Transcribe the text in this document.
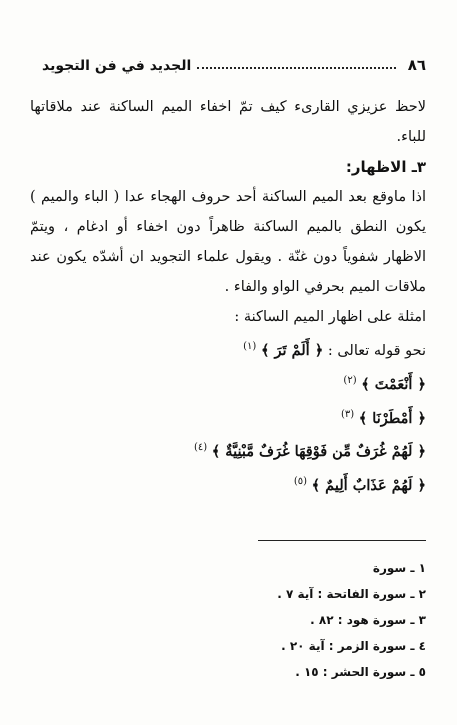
٨٦
الجديد في فن التجويد

لاحظ عزيزي القارىء كيف تمّ اخفاء الميم الساكنة عند ملاقاتها للباء.

٣ـ الاظهار:

اذا ماوقع بعد الميم الساكنة أحد حروف الهجاء عدا ( الباء والميم ) يكون النطق بالميم الساكنة ظاهراً دون اخفاء أو ادغام ، ويتمّ الاظهار شفوياً دون غنّة . ويقول علماء التجويد ان أشدّه يكون عند ملاقات الميم بحرفي الواو والفاء .

امثلة على اظهار الميم الساكنة :

نحو قوله تعالى : ﴿ أَلَمْ تَرَ ﴾ $^{(١)}$
﴿ أَنْعَمْتَ ﴾ $^{(٢)}$
﴿ أَمْطَرْنَا ﴾ $^{(٣)}$
﴿ لَهُمْ غُرَفٌ مِّن فَوْقِهَا غُرَفٌ مَّبْنِيَّةٌ ﴾ $^{(٤)}$
﴿ لَهُمْ عَذَابٌ أَلِيمٌ ﴾ $^{(٥)}$
١ ـ سورة
٢ ـ سورة الفاتحة : آية ٧ .
٣ ـ سورة هود : ٨٢ .
٤ ـ سورة الزمر : آية ٢٠ .
٥ ـ سورة الحشر : ١٥ .
